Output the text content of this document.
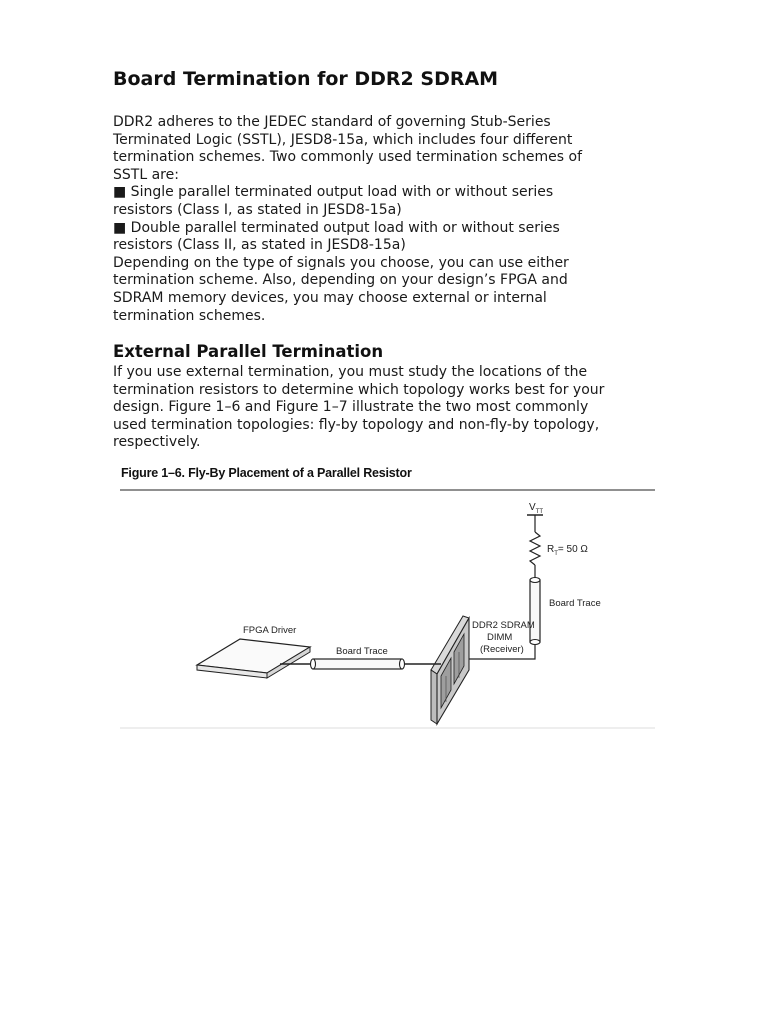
Board Termination for DDR2 SDRAM
DDR2 adheres to the JEDEC standard of governing Stub-Series
Terminated Logic (SSTL), JESD8-15a, which includes four different
termination schemes. Two commonly used termination schemes of
SSTL are:
■ Single parallel terminated output load with or without series
resistors (Class I, as stated in JESD8-15a)
■ Double parallel terminated output load with or without series
resistors (Class II, as stated in JESD8-15a)
Depending on the type of signals you choose, you can use either
termination scheme. Also, depending on your design’s FPGA and
SDRAM memory devices, you may choose external or internal
termination schemes.
External Parallel Termination
If you use external termination, you must study the locations of the
termination resistors to determine which topology works best for your
design. Figure 1–6 and Figure 1–7 illustrate the two most commonly
used termination topologies: fly-by topology and non-fly-by topology,
respectively.
Figure 1–6. Fly-By Placement of a Parallel Resistor
$V_{TT}$
$R_T= 50$ Ω
Board Trace
DDR2 SDRAM
DIMM
(Receiver)
FPGA Driver
Board Trace
